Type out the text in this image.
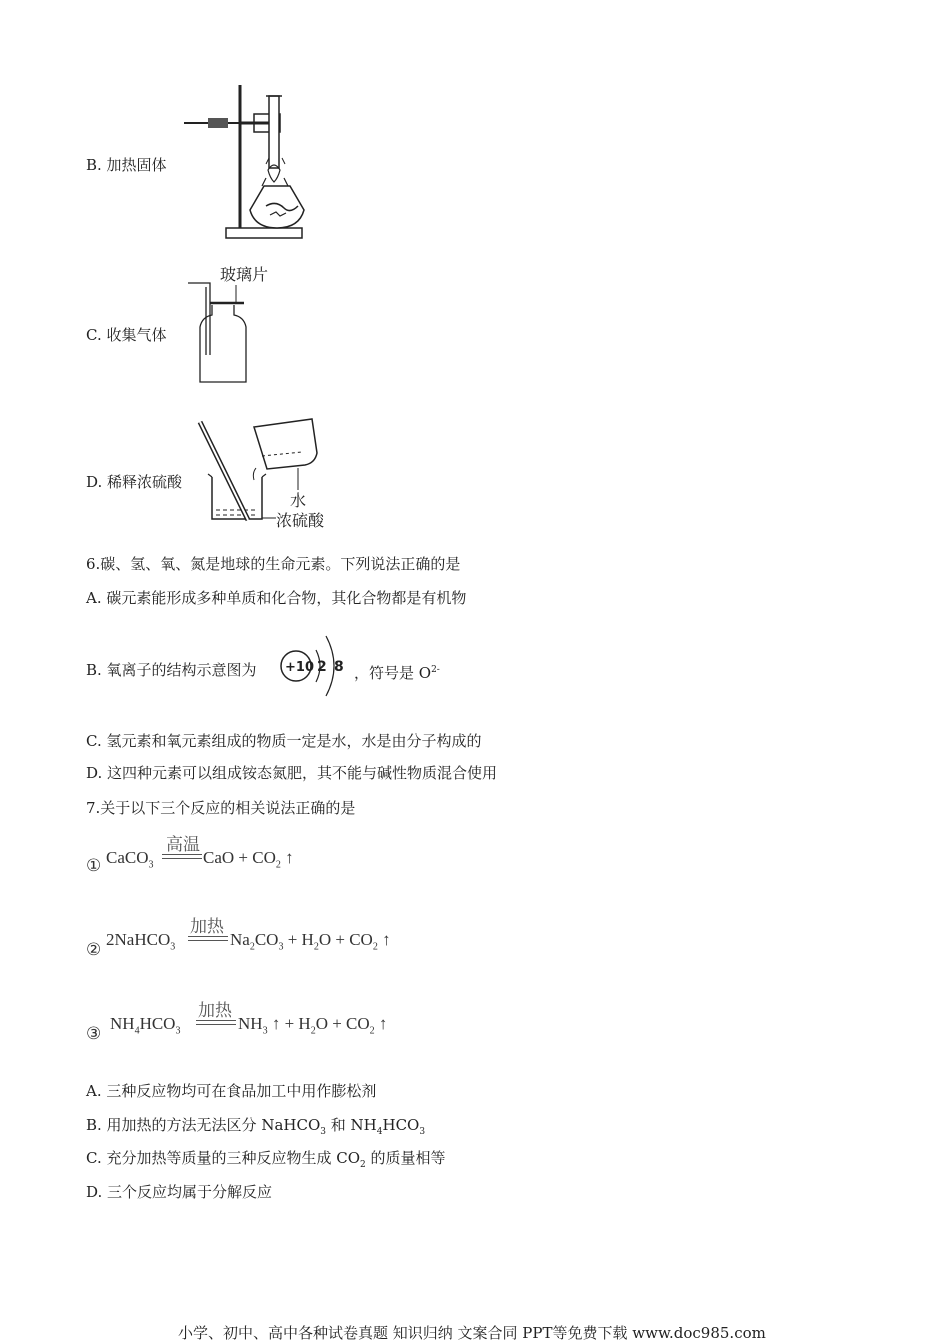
B. 加热固体
C. 收集气体
玻璃片
D. 稀释浓硫酸
水
浓硫酸
6.碳、氢、氧、氮是地球的生命元素。下列说法正确的是
A. 碳元素能形成多种单质和化合物，其化合物都是有机物
B. 氧离子的结构示意图为 +10 2 8 ，符号是 $O^{2-}$
C. 氢元素和氧元素组成的物质一定是水，水是由分子构成的
D. 这四种元素可以组成铵态氮肥，其不能与碱性物质混合使用
7.关于以下三个反应的相关说法正确的是
① CaCO$_3$
高温
CaO + $CO_2$ ↑
②
2NaHCO$_3$
加热
$Na_2CO_3 + H_2O + CO_2$ ↑
③
$NH_4HCO_3$
加热
$NH_3$ ↑ + $H_2O + CO_2$ ↑
A. 三种反应物均可在食品加工中用作膨松剂
B. 用加热的方法无法区分 NaHCO$_3$ 和 $NH_4HCO_3$
C. 充分加热等质量的三种反应物生成 $CO_2$ 的质量相等
D. 三个反应均属于分解反应
小学、初中、高中各种试卷真题 知识归纳 文案合同 PPT等免费下载 www.doc985.com
